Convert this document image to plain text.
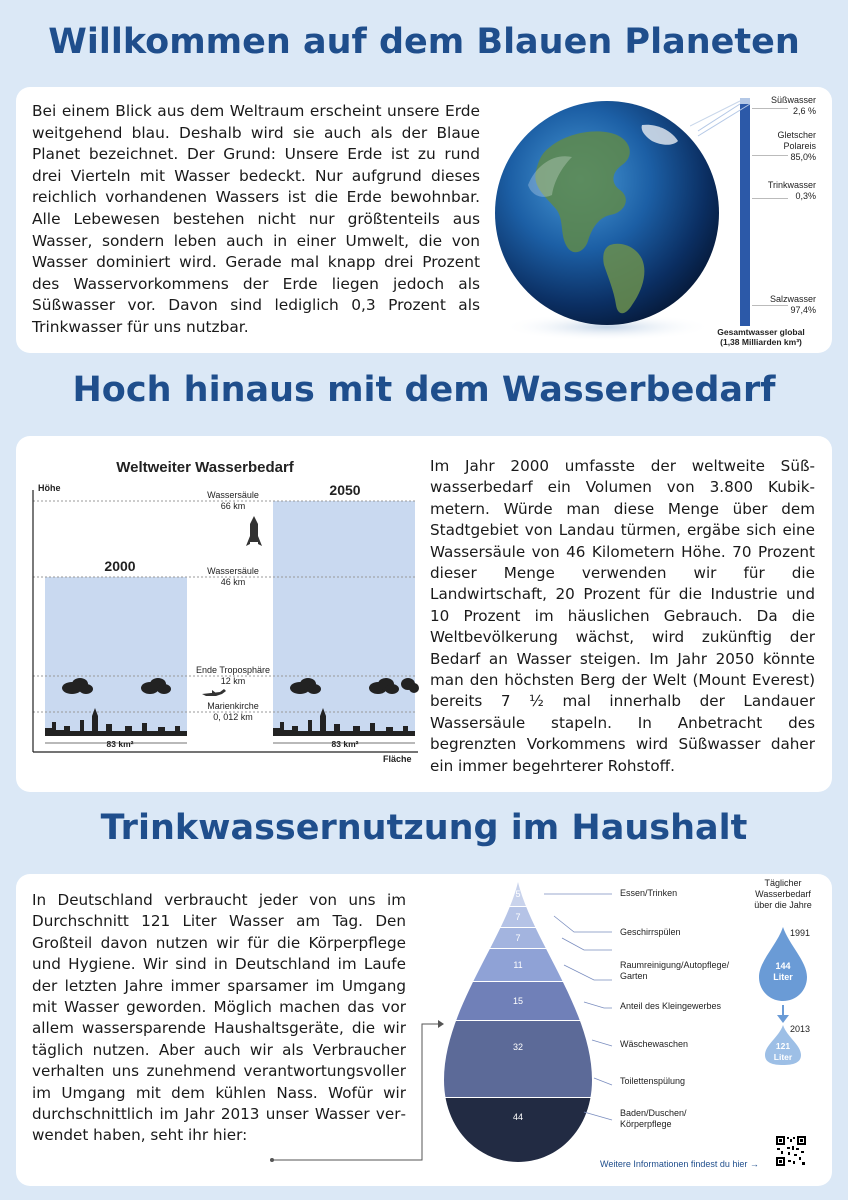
Willkommen auf dem Blauen Planeten
Bei einem Blick aus dem Weltraum erscheint unsere Erde weitgehend blau. Deshalb wird sie auch als der Blaue Planet bezeichnet. Der Grund: Unsere Erde ist zu rund drei Vierteln mit Wasser bedeckt. Nur aufgrund dieses reichlich vorhandenen Wassers ist die Erde bewohnbar. Alle Lebewesen bestehen nicht nur größtenteils aus Wasser, sondern leben auch in einer Umwelt, die von Wasser dominiert wird. Gerade mal knapp drei Prozent des Wasservorkommens der Erde liegen jedoch als Süßwasser vor. Davon sind lediglich 0,3 Prozent als Trinkwasser für uns nutzbar.
Süßwasser
2,6 %
Gletscher
Polareis
85,0%
Trinkwasser
0,3%
Salzwasser
97,4%
Gesamtwasser global
(1,38 Milliarden km³)
Hoch hinaus mit dem Wasserbedarf
Weltweiter Wasserbedarf
Höhe
Fläche
2000
2050
83 km²	83 km²
Wassersäule
66 km
Wassersäule
46 km
Ende Troposphäre
12 km
Marienkirche
0, 012 km
Im Jahr 2000 umfasste der weltweite Süßwasserbedarf ein Volumen von 3.800 Kubikmetern. Würde man diese Menge über dem Stadtgebiet von Landau türmen, ergäbe sich eine Wassersäule von 46 Kilometern Höhe. 70 Prozent dieser Menge verwenden wir für die Landwirtschaft, 20 Prozent für die Industrie und 10 Prozent im häuslichen Gebrauch. Da die Weltbevölkerung wächst, wird zukünftig der Bedarf an Wasser steigen. Im Jahr 2050 könnte man den höchsten Berg der Welt (Mount Everest) bereits 7 ½ mal innerhalb der Landauer Wassersäule stapeln. In Anbetracht des begrenzten Vorkommens wird Süßwasser daher ein immer begehrterer Rohstoff.
Trinkwassernutzung im Haushalt
In Deutschland verbraucht jeder von uns im Durchschnitt 121 Liter Wasser am Tag. Den Großteil davon nutzen wir für die Körperpflege und Hygiene. Wir sind in Deutschland im Laufe der letzten Jahre immer sparsamer im Umgang mit Wasser geworden. Möglich machen das vor allem wassersparende Haushaltsgeräte, die wir täglich nutzen. Aber auch wir als Verbraucher verhalten uns zunehmend verantwortungsvoller im Umgang mit dem kühlen Nass. Wofür wir durchschnittlich im Jahr 2013 unser Wasser verwendet haben, seht ihr hier:
5
7
7
11
15
32
44
Essen/Trinken
Geschirrspülen
Raumreinigung/Autopflege/ Garten
Anteil des Kleingewerbes
Wäschewaschen
Toilettenspülung
Baden/Duschen/ Körperpflege
Täglicher
Wasserbedarf
über die Jahre
1991
144
Liter
2013
121
Liter
Weitere Informationen findest du hier →
